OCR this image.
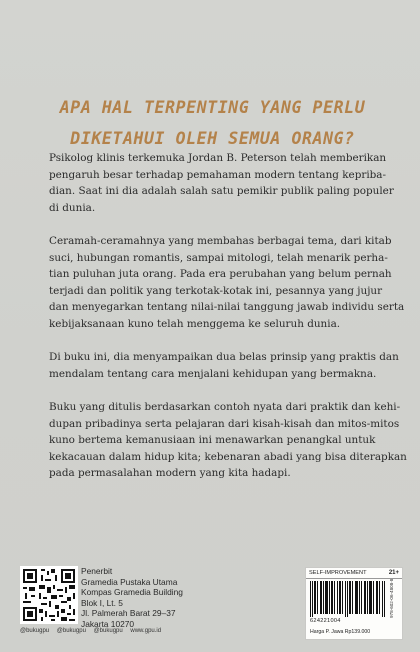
APA HAL TERPENTING YANG PERLU
DIKETAHUI OLEH SEMUA ORANG?

Psikolog klinis terkemuka Jordan B. Peterson telah memberikan
pengaruh besar terhadap pemahaman modern tentang kepriba-
dian. Saat ini dia adalah salah satu pemikir publik paling populer
di dunia.

Ceramah-ceramahnya yang membahas berbagai tema, dari kitab
suci, hubungan romantis, sampai mitologi, telah menarik perha-
tian puluhan juta orang. Pada era perubahan yang belum pernah
terjadi dan politik yang terkotak-kotak ini, pesannya yang jujur
dan menyegarkan tentang nilai-nilai tanggung jawab individu serta
kebijaksanaan kuno telah menggema ke seluruh dunia.

Di buku ini, dia menyampaikan dua belas prinsip yang praktis dan
mendalam tentang cara menjalani kehidupan yang bermakna.

Buku yang ditulis berdasarkan contoh nyata dari praktik dan kehi-
dupan pribadinya serta pelajaran dari kisah-kisah dan mitos-mitos
kuno bertema kemanusiaan ini menawarkan penangkal untuk
kekacauan dalam hidup kita; kebenaran abadi yang bisa diterapkan
pada permasalahan modern yang kita hadapi.

Penerbit
Gramedia Pustaka Utama
Kompas Gramedia Building
Blok I, Lt. 5
Jl. Palmerah Barat 29–37
Jakarta 10270
@bukugpu @bukugpu @bukugpu www.gpu.id
SELF-IMPROVEMENT	21+
978-602-06-4808-8
624221004
Harga P. Jawa Rp139.000
